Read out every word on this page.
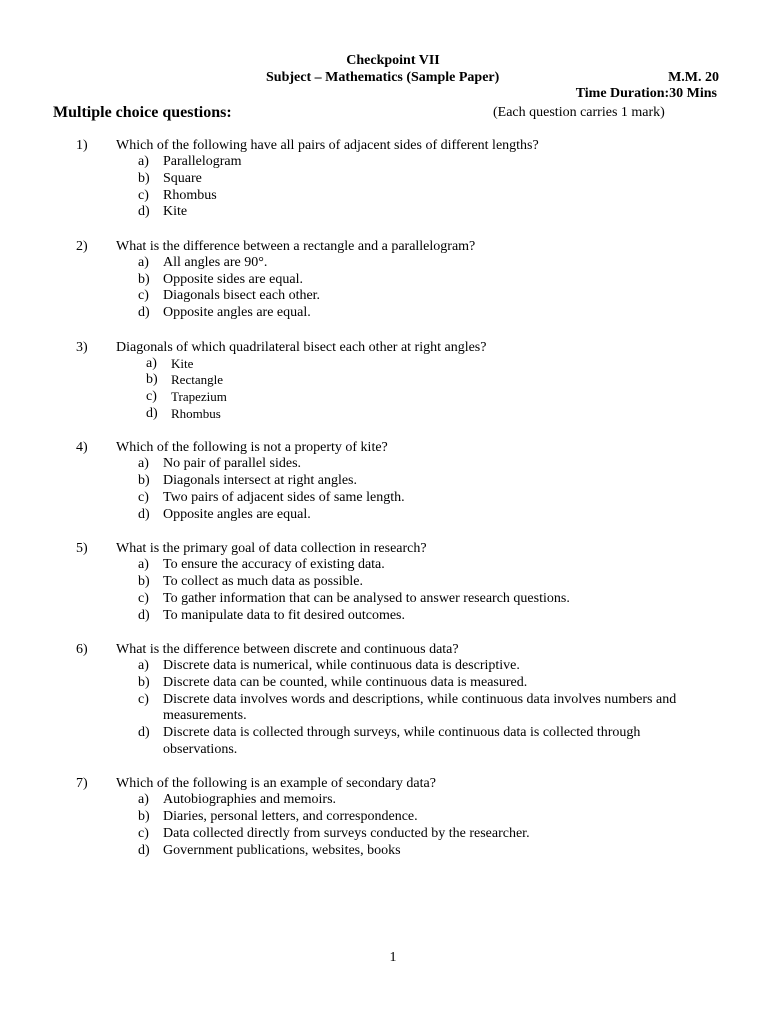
Checkpoint VII
Subject – Mathematics (Sample Paper)	M.M. 20
Time Duration:30 Mins
Multiple choice questions:	(Each question carries 1 mark)
1)	Which of the following have all pairs of adjacent sides of different lengths?
a)	Parallelogram
b) Square
c)	Rhombus
d) Kite
2)	What is the difference between a rectangle and a parallelogram?
a)	All angles are 90°.
b) Opposite sides are equal.
c)	Diagonals bisect each other.
d) Opposite angles are equal.
3)	Diagonals of which quadrilateral bisect each other at right angles?
a)	Kite
b)	Rectangle
c)	Trapezium
d)	Rhombus
4)	Which of the following is not a property of kite?
a)	No pair of parallel sides.
b) Diagonals intersect at right angles.
c)	Two pairs of adjacent sides of same length.
d) Opposite angles are equal.
5)	What is the primary goal of data collection in research?
a)	To ensure the accuracy of existing data.
b) To collect as much data as possible.
c)	To gather information that can be analysed to answer research questions.
d) To manipulate data to fit desired outcomes.
6)	What is the difference between discrete and continuous data?
a)	Discrete data is numerical, while continuous data is descriptive.
b) Discrete data can be counted, while continuous data is measured.
c)	Discrete data involves words and descriptions, while continuous data involves numbers and measurements.
d) Discrete data is collected through surveys, while continuous data is collected through observations.
7)	Which of the following is an example of secondary data?
a)	Autobiographies and memoirs.
b) Diaries, personal letters, and correspondence.
c)	Data collected directly from surveys conducted by the researcher.
d) Government publications, websites, books
1
